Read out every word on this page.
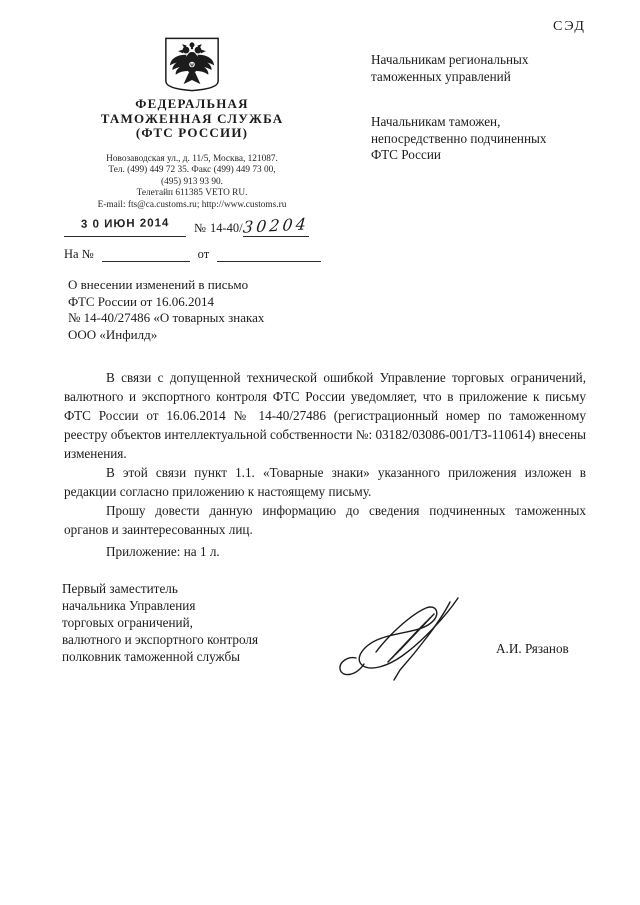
СЭД
ФЕДЕРАЛЬНАЯ
ТАМОЖЕННАЯ СЛУЖБА
(ФТС РОССИИ)
Новозаводская ул., д. 11/5, Москва, 121087.
Тел. (499) 449 72 35. Факс (499) 449 73 00,
(495) 913 93 90.
Телетайп 611385 VETO RU.
E-mail: fts@ca.customs.ru; http://www.customs.ru
3 0 ИЮН 2014	№ 14-40/ 30204
На №	от
Начальникам региональных
таможенных управлений
Начальникам таможен,
непосредственно подчиненных
ФТС России
О внесении изменений в письмо
ФТС России от 16.06.2014
№ 14-40/27486 «О товарных знаках
ООО «Инфилд»

В связи с допущенной технической ошибкой Управление торговых ограничений, валютного и экспортного контроля ФТС России уведомляет, что в приложение к письму ФТС России от 16.06.2014 № 14-40/27486 (регистрационный номер по таможенному реестру объектов интеллектуальной собственности №: 03182/03086-001/ТЗ-110614) внесены изменения.

В этой связи пункт 1.1. «Товарные знаки» указанного приложения изложен в редакции согласно приложению к настоящему письму.

Прошу довести данную информацию до сведения подчиненных таможенных органов и заинтересованных лиц.

Приложение: на 1 л.
Первый заместитель
начальника Управления
торговых ограничений,
валютного и экспортного контроля
полковник таможенной службы
А.И. Рязанов
